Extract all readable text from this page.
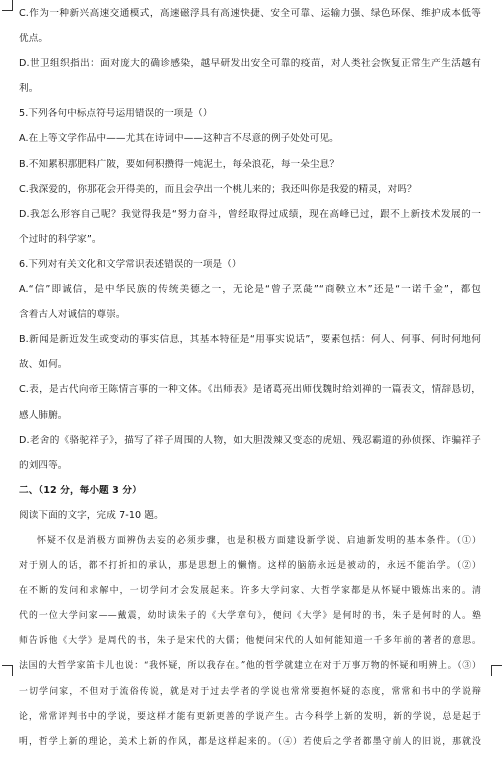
C.作为一种新兴高速交通模式，高速磁浮具有高速快捷、安全可靠、运输力强、绿色环保、维护成本低等
优点。
D.世卫组织指出：面对庞大的确诊感染，越早研发出安全可靠的疫苗，对人类社会恢复正常生产生活越有
利。
5.下列各句中标点符号运用错误的一项是（）
A.在上等文学作品中——尤其在诗词中——这种言不尽意的例子处处可见。
B.不知累积那肥料广陂，要如何积攒得一炖泥土，每朵浪花，每一朵尘息？
C.我深爱的，你那花会开得美的，而且会孕出一个桃儿来的；我还叫你是我爱的精灵，对吗？
D.我怎么形容自己呢？我觉得我是“努力奋斗，曾经取得过成绩，现在高峰已过，跟不上新技术发展的一
个过时的科学家”。
6.下列对有关文化和文学常识表述错误的一项是（）
A.“信”即诚信，是中华民族的传统美德之一，无论是“曾子烹彘”“商鞅立木”还是“一诺千金”，都包
含着古人对诚信的尊崇。
B.新闻是新近发生或变动的事实信息，其基本特征是“用事实说话”，要素包括：何人、何事、何时何地何
故、如何。
C.表，是古代向帝王陈情言事的一种文体。《出师表》是诸葛亮出师伐魏时给刘禅的一篇表文，情辞恳切，
感人肺腑。
D.老舍的《骆驼祥子》，描写了祥子周围的人物，如大胆泼辣又变态的虎妞、残忍霸道的孙侦探、诈骗祥子
的刘四等。
二、（12 分，每小题 3 分）
阅读下面的文字，完成 7-10 题。
怀疑不仅是消极方面辨伪去妄的必须步骤，也是积极方面建设新学说、启迪新发明的基本条件。（①）
对于别人的话，都不打折扣的承认，那是思想上的懒惰。这样的脑筋永远是被动的，永远不能治学。（②）
在不断的发问和求解中，一切学问才会发展起来。许多大学问家、大哲学家都是从怀疑中锻炼出来的。清
代的一位大学问家——戴震，幼时读朱子的《大学章句》，便问《大学》是何时的书，朱子是何时的人。塾
师告诉他《大学》是周代的书，朱子是宋代的大儒；他便问宋代的人如何能知道一千多年前的著者的意思。
法国的大哲学家笛卡儿也说：“我怀疑，所以我存在。”他的哲学就建立在对于万事万物的怀疑和明辨上。（③）
一切学问家，不但对于流俗传说，就是对于过去学者的学说也常常要抱怀疑的态度，常常和书中的学说辩
论，常常评判书中的学说，要这样才能有更新更善的学说产生。古今科学上新的发明，新的学说，总是起于
明，哲学上新的理论，美术上新的作风，都是这样起来的。（④）若使后之学者都墨守前人的旧说，那就没
